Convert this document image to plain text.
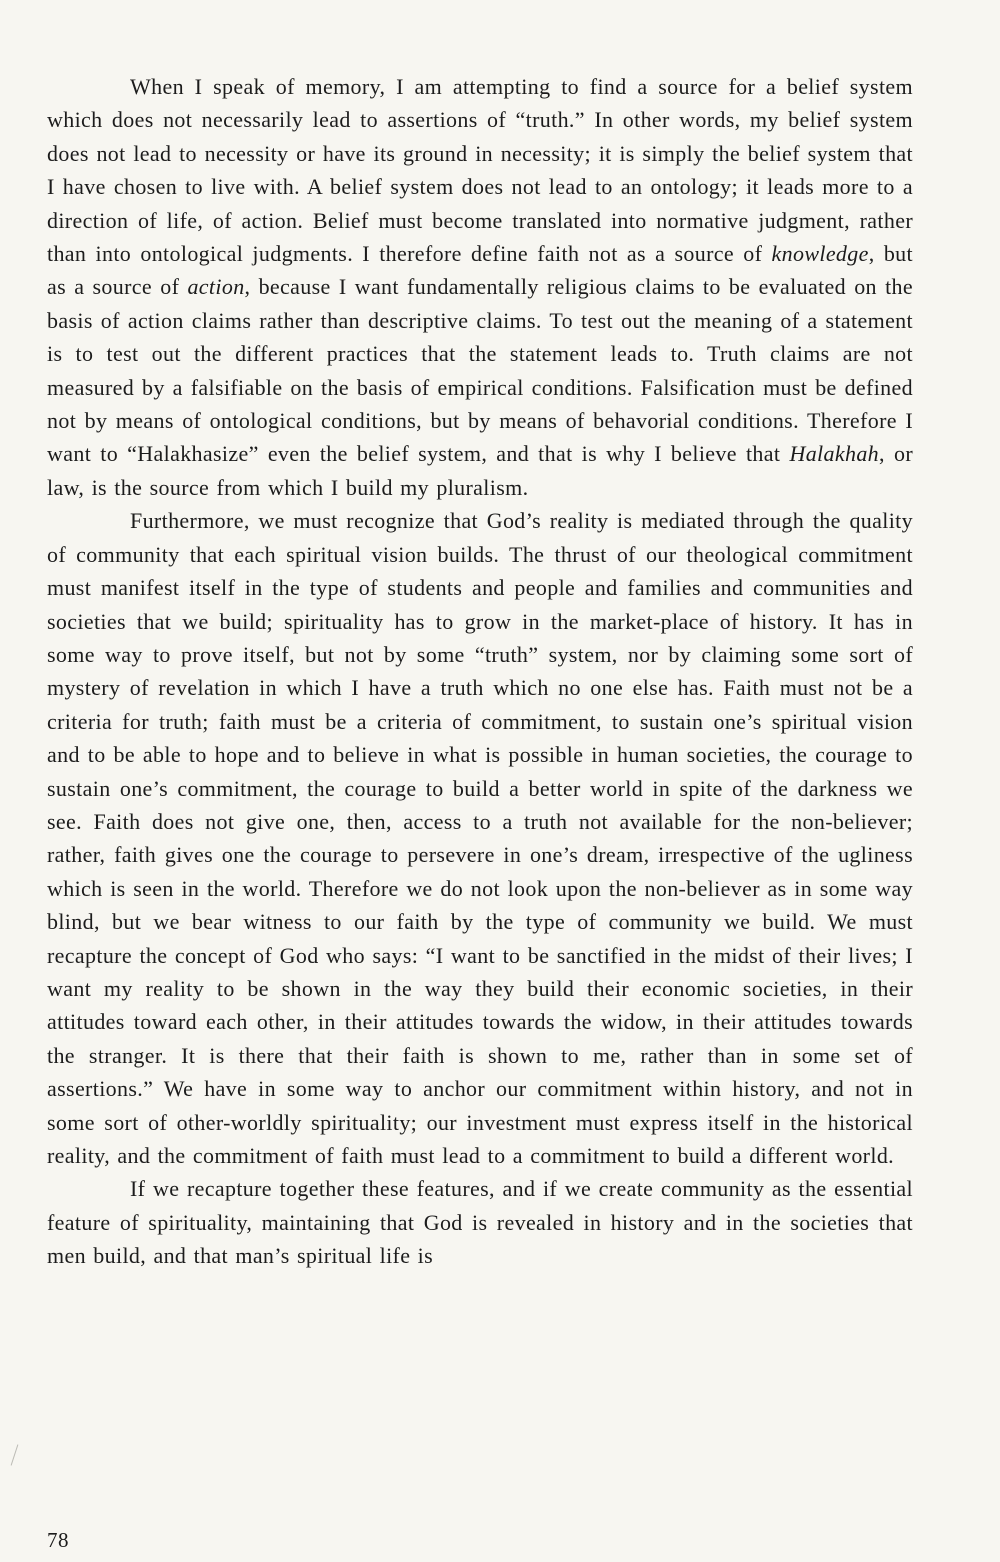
When I speak of memory, I am attempting to find a source for a belief system which does not necessarily lead to assertions of “truth.” In other words, my belief system does not lead to necessity or have its ground in necessity; it is simply the belief system that I have chosen to live with. A belief system does not lead to an ontology; it leads more to a direction of life, of action. Belief must become translated into normative judgment, rather than into ontological judgments. I therefore define faith not as a source of knowledge, but as a source of action, because I want fundamentally religious claims to be evaluated on the basis of action claims rather than descriptive claims. To test out the meaning of a statement is to test out the different practices that the statement leads to. Truth claims are not measured by a falsifiable on the basis of empirical conditions. Falsification must be defined not by means of ontological conditions, but by means of behavorial conditions. Therefore I want to “Halakhasize” even the belief system, and that is why I believe that Halakhah, or law, is the source from which I build my pluralism.

Furthermore, we must recognize that God’s reality is mediated through the quality of community that each spiritual vision builds. The thrust of our theological commitment must manifest itself in the type of students and people and families and communities and societies that we build; spirituality has to grow in the market-place of history. It has in some way to prove itself, but not by some “truth” system, nor by claiming some sort of mystery of revelation in which I have a truth which no one else has. Faith must not be a criteria for truth; faith must be a criteria of commitment, to sustain one’s spiritual vision and to be able to hope and to believe in what is possible in human societies, the courage to sustain one’s commitment, the courage to build a better world in spite of the darkness we see. Faith does not give one, then, access to a truth not available for the non-believer; rather, faith gives one the courage to persevere in one’s dream, irrespective of the ugliness which is seen in the world. Therefore we do not look upon the non-believer as in some way blind, but we bear witness to our faith by the type of community we build. We must recapture the concept of God who says: “I want to be sanctified in the midst of their lives; I want my reality to be shown in the way they build their economic societies, in their attitudes toward each other, in their attitudes towards the widow, in their attitudes towards the stranger. It is there that their faith is shown to me, rather than in some set of assertions.” We have in some way to anchor our commitment within history, and not in some sort of other-worldly spirituality; our investment must express itself in the historical reality, and the commitment of faith must lead to a commitment to build a different world.

If we recapture together these features, and if we create community as the essential feature of spirituality, maintaining that God is revealed in history and in the societies that men build, and that man’s spiritual life is

78
